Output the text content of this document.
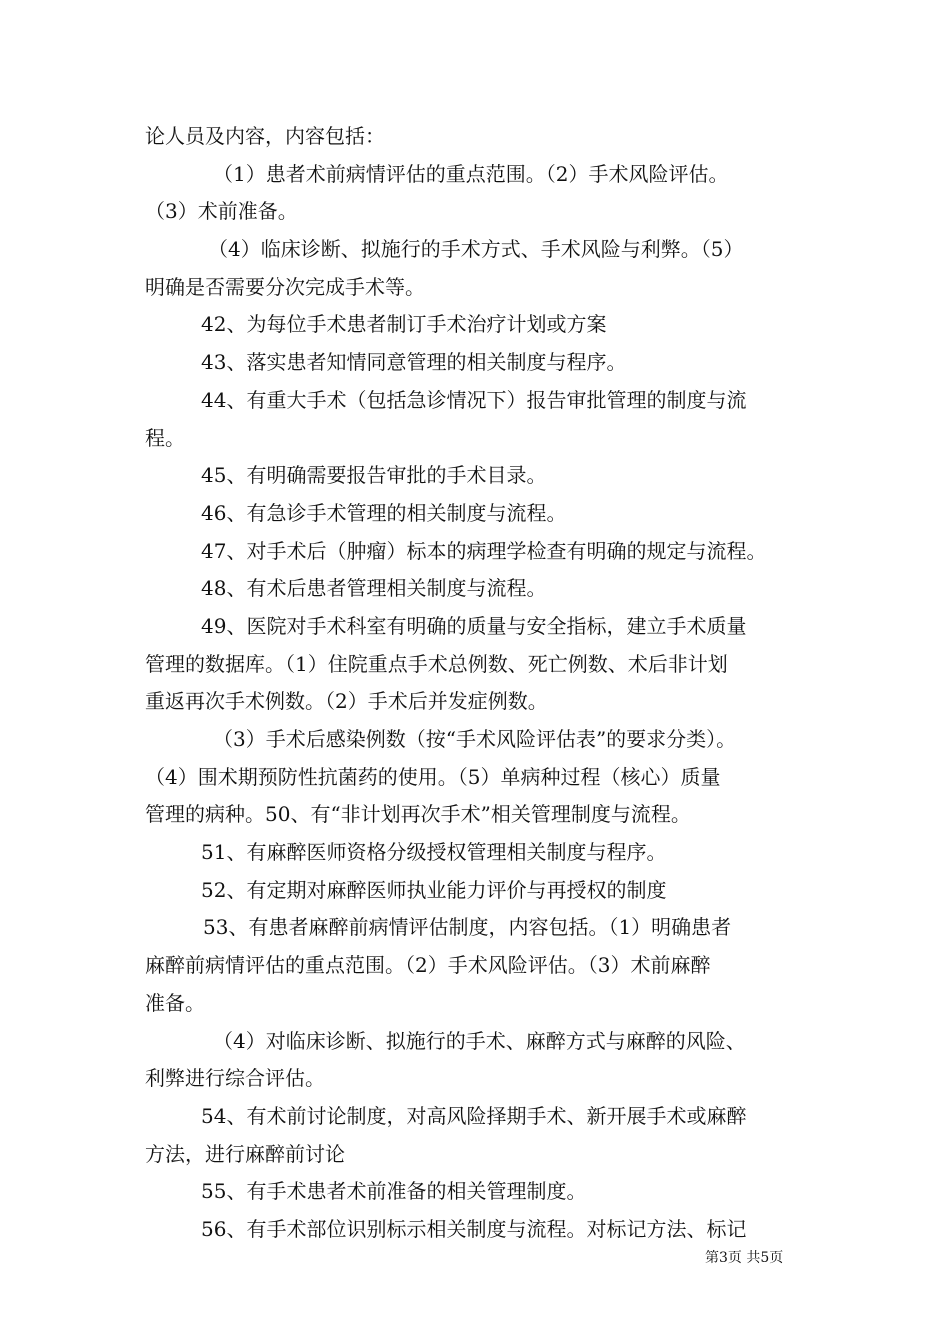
论人员及内容，内容包括：
（1）患者术前病情评估的重点范围。（2）手术风险评估。
（3）术前准备。
（4）临床诊断、拟施行的手术方式、手术风险与利弊。（5）
明确是否需要分次完成手术等。
42、为每位手术患者制订手术治疗计划或方案
43、落实患者知情同意管理的相关制度与程序。
44、有重大手术（包括急诊情况下）报告审批管理的制度与流
程。
45、有明确需要报告审批的手术目录。
46、有急诊手术管理的相关制度与流程。
47、对手术后（肿瘤）标本的病理学检查有明确的规定与流程。
48、有术后患者管理相关制度与流程。
49、医院对手术科室有明确的质量与安全指标，建立手术质量
管理的数据库。（1）住院重点手术总例数、死亡例数、术后非计划
重返再次手术例数。（2）手术后并发症例数。
（3）手术后感染例数（按“手术风险评估表”的要求分类）。
（4）围术期预防性抗菌药的使用。（5）单病种过程（核心）质量
管理的病种。50、有“非计划再次手术”相关管理制度与流程。
51、有麻醉医师资格分级授权管理相关制度与程序。
52、有定期对麻醉医师执业能力评价与再授权的制度
53、有患者麻醉前病情评估制度，内容包括。（1）明确患者
麻醉前病情评估的重点范围。（2）手术风险评估。（3）术前麻醉
准备。
（4）对临床诊断、拟施行的手术、麻醉方式与麻醉的风险、
利弊进行综合评估。
54、有术前讨论制度，对高风险择期手术、新开展手术或麻醉
方法，进行麻醉前讨论
55、有手术患者术前准备的相关管理制度。
56、有手术部位识别标示相关制度与流程。对标记方法、标记
第3页 共5页
